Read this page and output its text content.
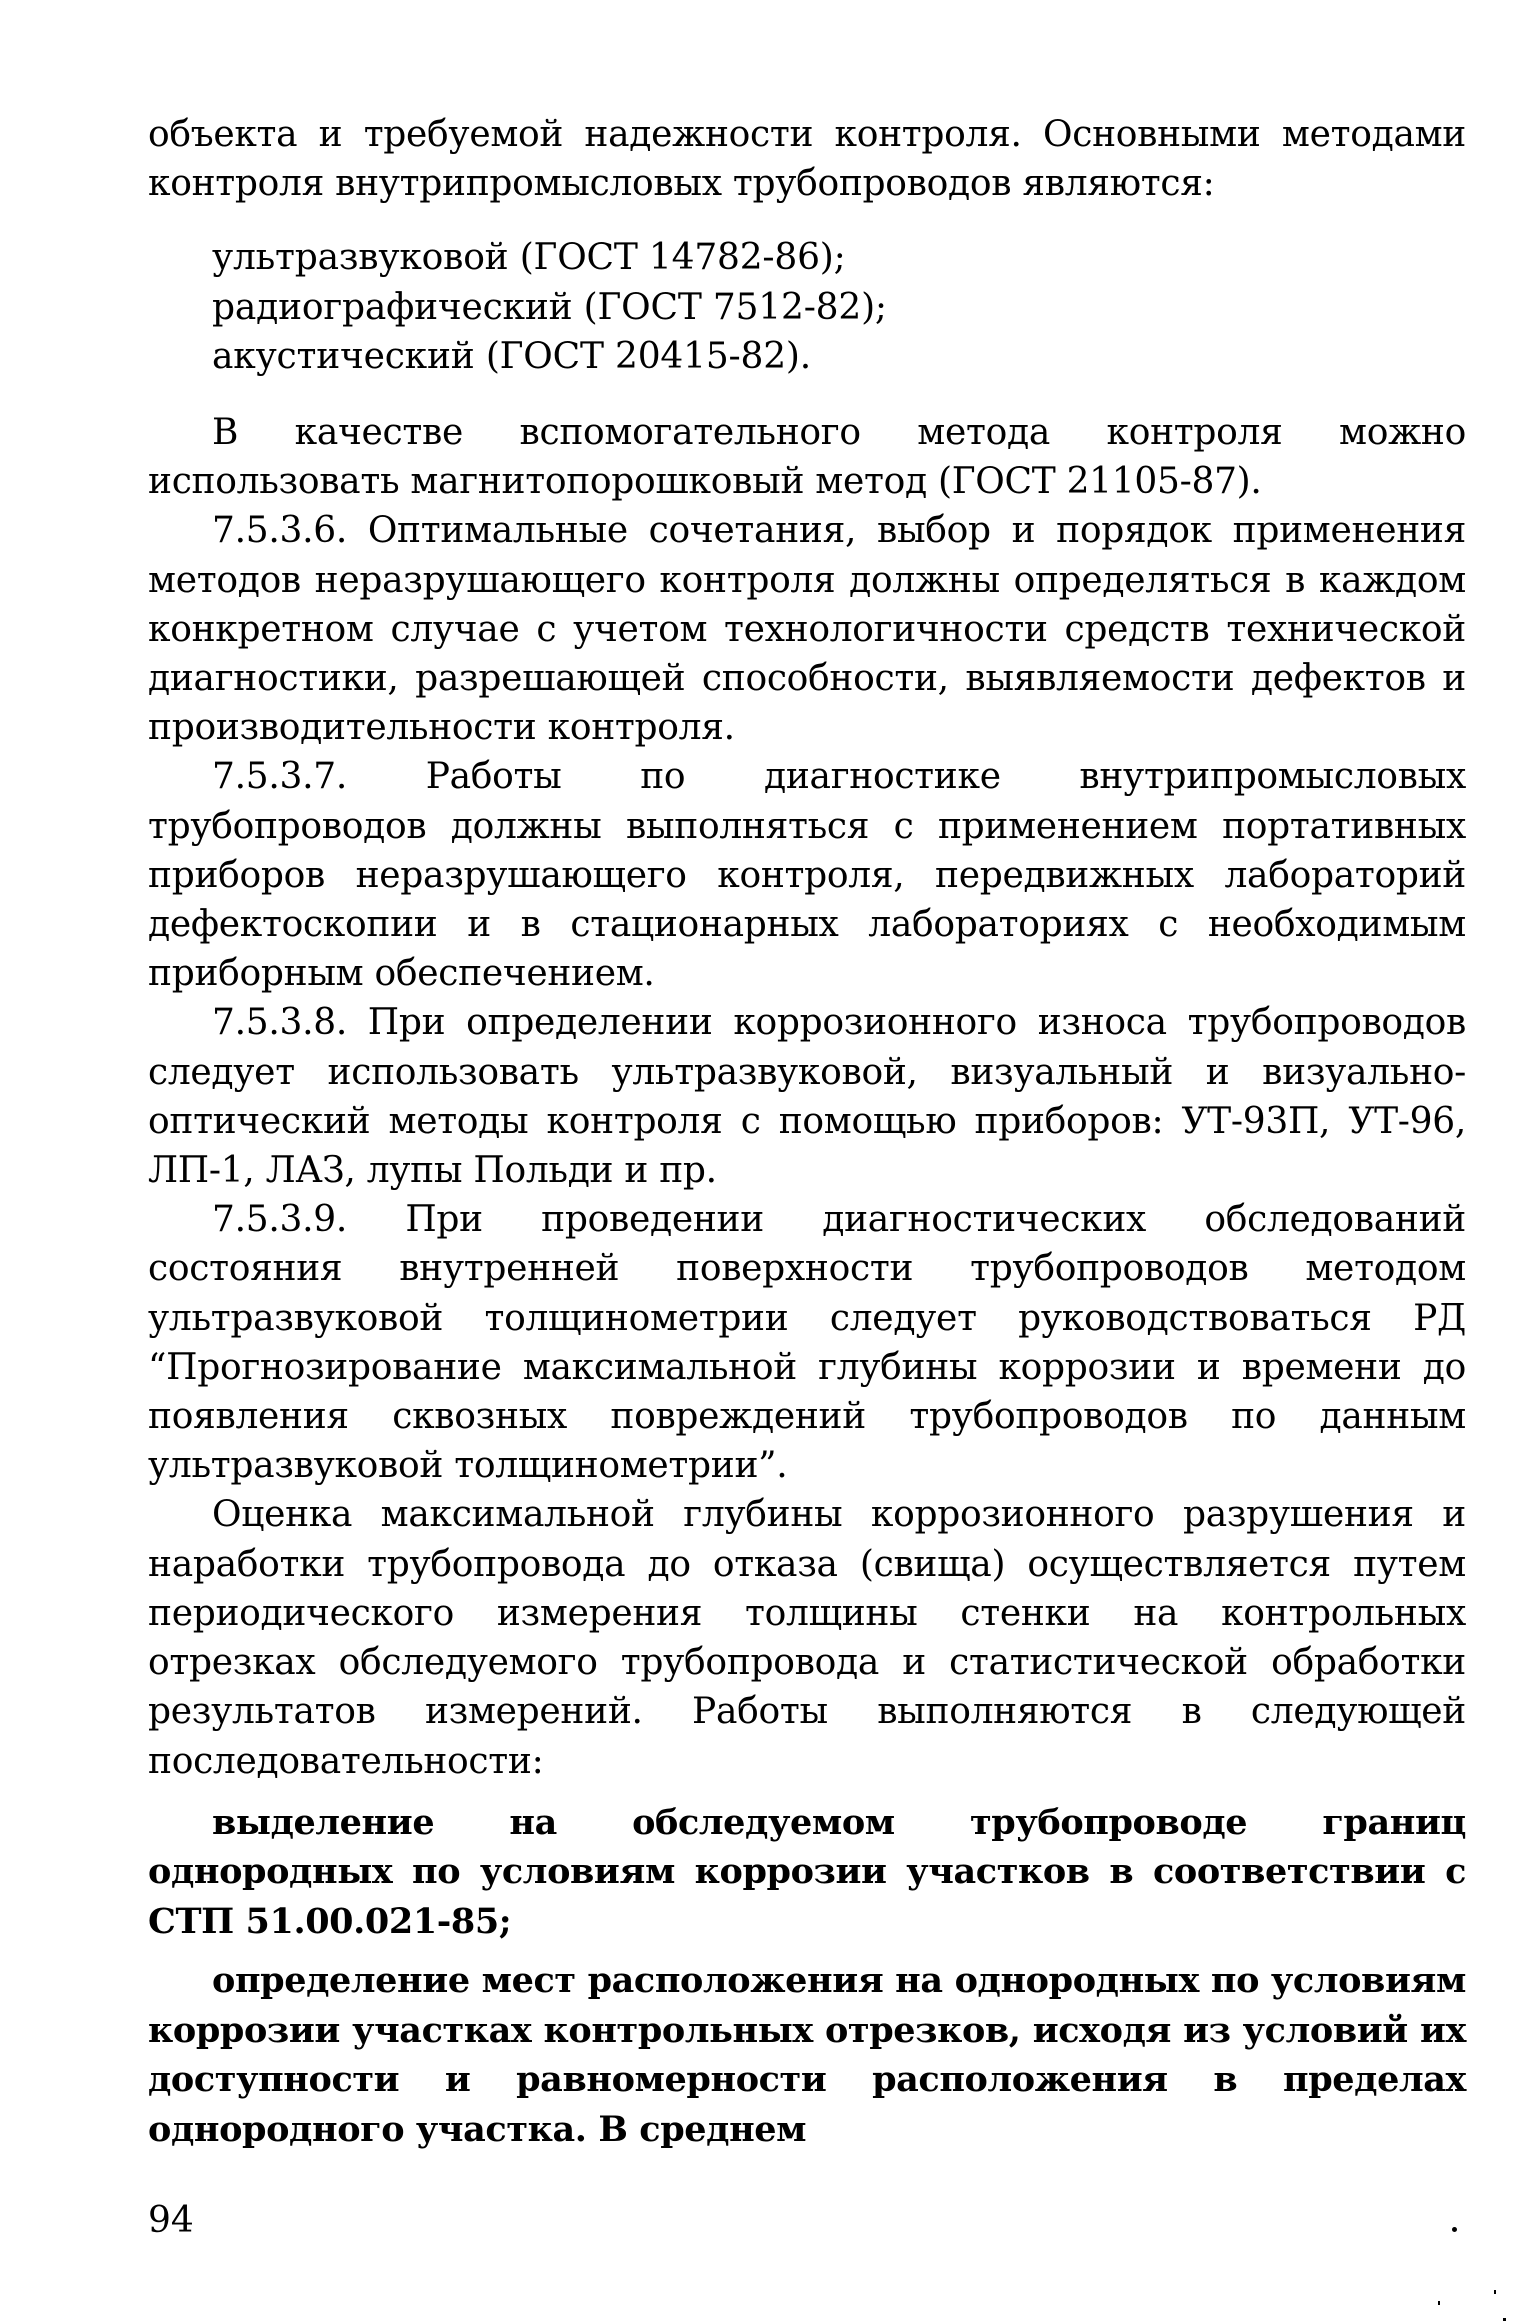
объекта и требуемой надежности контроля. Основными методами контроля внутрипромысловых трубопроводов являются:

ультразвуковой (ГОСТ 14782-86);
радиографический (ГОСТ 7512-82);
акустический (ГОСТ 20415-82).

В качестве вспомогательного метода контроля можно использовать магнитопорошковый метод (ГОСТ 21105-87).

7.5.3.6. Оптимальные сочетания, выбор и порядок применения методов неразрушающего контроля должны определяться в каждом конкретном случае с учетом технологичности средств технической диагностики, разрешающей способности, выявляемости дефектов и производительности контроля.

7.5.3.7. Работы по диагностике внутрипромысловых трубопроводов должны выполняться с применением портативных приборов неразрушающего контроля, передвижных лабораторий дефектоскопии и в стационарных лабораториях с необходимым приборным обеспечением.

7.5.3.8. При определении коррозионного износа трубопроводов следует использовать ультразвуковой, визуальный и визуально-оптический методы контроля с помощью приборов: УТ-93П, УТ-96, ЛП-1, ЛАЗ, лупы Польди и пр.

7.5.3.9. При проведении диагностических обследований состояния внутренней поверхности трубопроводов методом ультразвуковой толщинометрии следует руководствоваться РД “Прогнозирование максимальной глубины коррозии и времени до появления сквозных повреждений трубопроводов по данным ультразвуковой толщинометрии”.

Оценка максимальной глубины коррозионного разрушения и наработки трубопровода до отказа (свища) осуществляется путем периодического измерения толщины стенки на контрольных отрезках обследуемого трубопровода и статистической обработки результатов измерений. Работы выполняются в следующей последовательности:

выделение на обследуемом трубопроводе границ однородных по условиям коррозии участков в соответствии с СТП 51.00.021-85;

определение мест расположения на однородных по условиям коррозии участках контрольных отрезков, исходя из условий их доступности и равномерности расположения в пределах однородного участка. В среднем

94
